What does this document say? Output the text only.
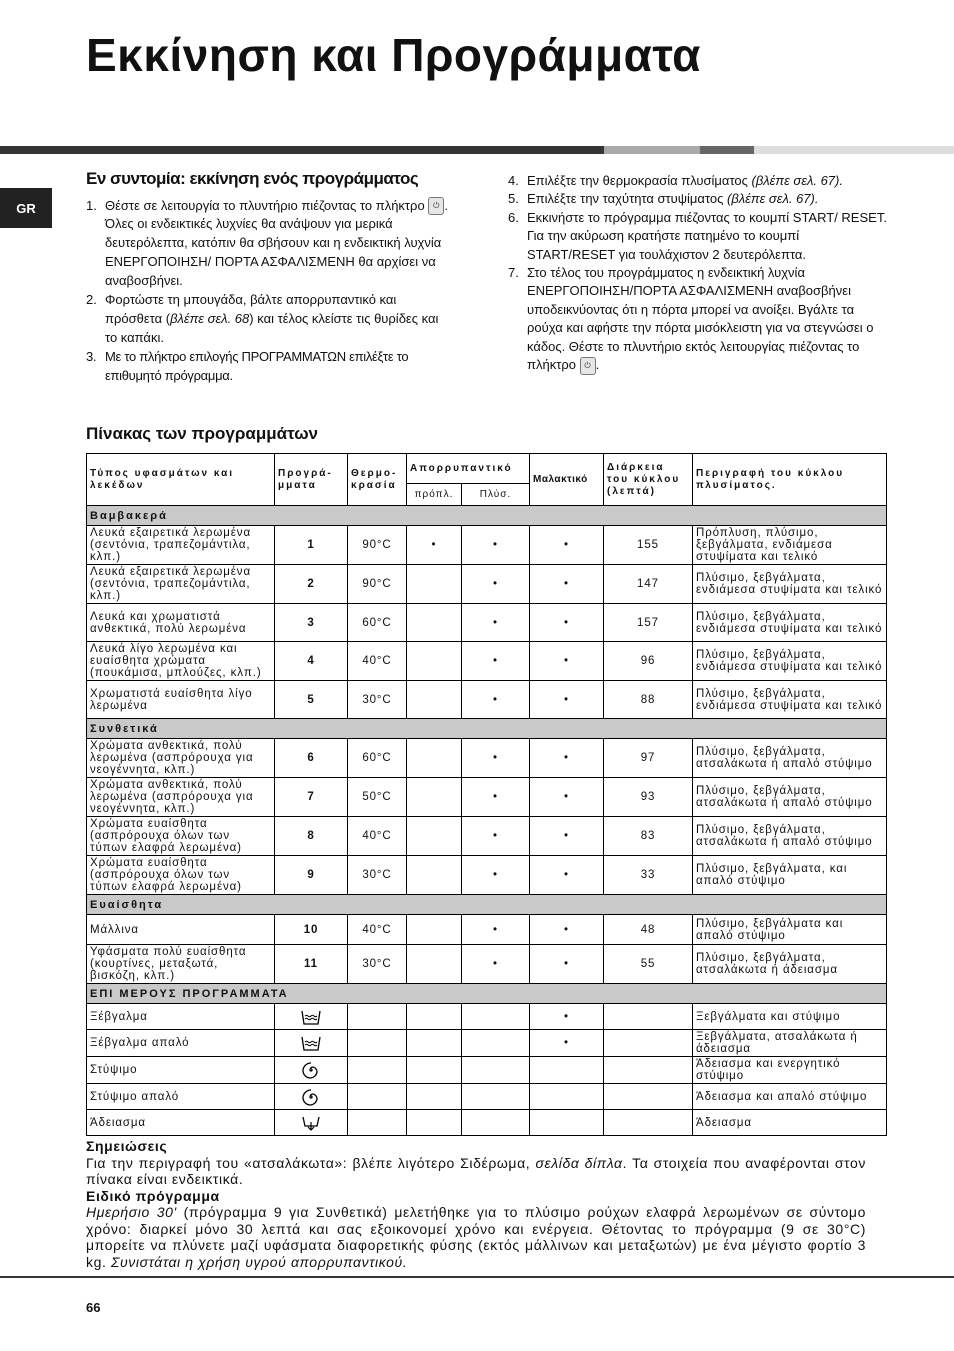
Εκκίνηση και Προγράμματα
GR
Εν συντομία: εκκίνηση ενός προγράμματος
1. Θέστε σε λειτουργία το πλυντήριο πιέζοντας το πλήκτρο ⏻ . Όλες οι ενδεικτικές λυχνίες θα ανάψουν για μερικά δευτερόλεπτα, κατόπιν θα σβήσουν και η ενδεικτική λυχνία ΕΝΕΡΓΟΠΟΙΗΣΗ/ ΠΟΡΤΑ ΑΣΦΑΛΙΣΜΕΝΗ θα αρχίσει να αναβοσβήνει.
2. Φορτώστε τη μπουγάδα, βάλτε απορρυπαντικό και πρόσθετα (βλέπε σελ. 68) και τέλος κλείστε τις θυρίδες και το καπάκι.
3. Με το πλήκτρο επιλογής ΠΡΟΓΡΑΜΜΑΤΩΝ επιλέξτε το επιθυμητό πρόγραμμα.
4. Επιλέξτε την θερμοκρασία πλυσίματος (βλέπε σελ. 67).
5. Επιλέξτε την ταχύτητα στυψίματος (βλέπε σελ. 67).
6. Εκκινήστε το πρόγραμμα πιέζοντας το κουμπί START/ RESET.
Για την ακύρωση κρατήστε πατημένο το κουμπί START/RESET για τουλάχιστον 2 δευτερόλεπτα.
7. Στο τέλος του προγράμματος η ενδεικτική λυχνία ΕΝΕΡΓΟΠΟΙΗΣΗ/ΠΟΡΤΑ ΑΣΦΑΛΙΣΜΕΝΗ αναβοσβήνει υποδεικνύοντας ότι η πόρτα μπορεί να ανοίξει. Βγάλτε τα ρούχα και αφήστε την πόρτα μισόκλειστη για να στεγνώσει ο κάδος. Θέστε το πλυντήριο εκτός λειτουργίας πιέζοντας το πλήκτρο ⏻ .
Πίνακας των προγραμμάτων
Τύπος υφασμάτων και λεκέδων	Προγρά- μματα	Θερμο- κρασία	Απορρυπαντικό		Μαλακτικό	Διάρκεια του κύκλου (λεπτά)	Περιγραφή του κύκλου πλυσίματος.
			πρόπλ.	Πλύσ.			
Βαμβακερά							
Λευκά εξαιρετικά λερωμένα (σεντόνια, τραπεζομάντιλα, κλπ.)	1	90°C	•	•	•	155	Πρόπλυση, πλύσιμο, ξεβγάλματα, ενδιάμεσα στυψίματα και τελικό
Λευκά εξαιρετικά λερωμένα (σεντόνια, τραπεζομάντιλα, κλπ.)	2	90°C		•	•	147	Πλύσιμο, ξεβγάλματα, ενδιάμεσα στυψίματα και τελικό
Λευκά και χρωματιστά ανθεκτικά, πολύ λερωμένα	3	60°C		•	•	157	Πλύσιμο, ξεβγάλματα, ενδιάμεσα στυψίματα και τελικό
Λευκά λίγο λερωμένα και ευαίσθητα χρώματα (πουκάμισα, μπλούζες, κλπ.)	4	40°C		•	•	96	Πλύσιμο, ξεβγάλματα, ενδιάμεσα στυψίματα και τελικό
Χρωματιστά ευαίσθητα λίγο λερωμένα	5	30°C		•	•	88	Πλύσιμο, ξεβγάλματα, ενδιάμεσα στυψίματα και τελικό
Συνθετικά							
Χρώματα ανθεκτικά, πολύ λερωμένα (ασπρόρουχα για νεογέννητα, κλπ.)	6	60°C		•	•	97	Πλύσιμο, ξεβγάλματα, ατσαλάκωτα ή απαλό στύψιμο
Χρώματα ανθεκτικά, πολύ λερωμένα (ασπρόρουχα για νεογέννητα, κλπ.)	7	50°C		•	•	93	Πλύσιμο, ξεβγάλματα, ατσαλάκωτα ή απαλό στύψιμο
Χρώματα ευαίσθητα (ασπρόρουχα όλων των τύπων ελαφρά λερωμένα)	8	40°C		•	•	83	Πλύσιμο, ξεβγάλματα, ατσαλάκωτα ή απαλό στύψιμο
Χρώματα ευαίσθητα (ασπρόρουχα όλων των τύπων ελαφρά λερωμένα)	9	30°C		•	•	33	Πλύσιμο, ξεβγάλματα, και απαλό στύψιμο
Ευαίσθητα							
Μάλλινα	10	40°C		•	•	48	Πλύσιμο, ξεβγάλματα και απαλό στύψιμο
Υφάσματα πολύ ευαίσθητα (κουρτίνες, μεταξωτά, βισκόζη, κλπ.)	11	30°C		•	•	55	Πλύσιμο, ξεβγάλματα, ατσαλάκωτα ή άδειασμα
ΕΠΙ ΜΕΡΟΥΣ ΠΡΟΓΡΑΜΜΑΤΑ							
Ξέβγαλμα					•		Ξεβγάλματα και στύψιμο
Ξέβγαλμα απαλό					•		Ξεβγάλματα, ατσαλάκωτα ή άδειασμα
Στύψιμο							Άδειασμα και ενεργητικό στύψιμο
Στύψιμο απαλό							Άδειασμα και απαλό στύψιμο
Άδειασμα							Άδειασμα
Σημειώσεις
Για την περιγραφή του «ατσαλάκωτα»: βλέπε λιγότερο Σιδέρωμα, σελίδα δίπλα. Τα στοιχεία που αναφέρονται στον πίνακα είναι ενδεικτικά.
Ειδικό πρόγραμμα
Ημερήσιο 30' (πρόγραμμα 9 για Συνθετικά) μελετήθηκε για το πλύσιμο ρούχων ελαφρά λερωμένων σε σύντομο χρόνο: διαρκεί μόνο 30 λεπτά και σας εξοικονομεί χρόνο και ενέργεια. Θέτοντας το πρόγραμμα (9 σε 30°C) μπορείτε να πλύνετε μαζί υφάσματα διαφορετικής φύσης (εκτός μάλλινων και μεταξωτών) με ένα μέγιστο φορτίο 3 kg. Συνιστάται η χρήση υγρού απορρυπαντικού.
66
